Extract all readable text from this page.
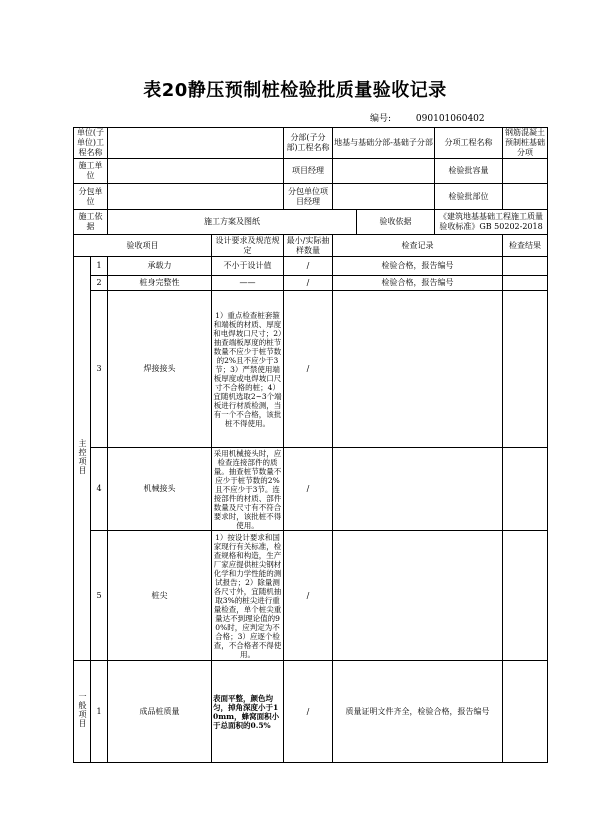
表20静压预制桩检验批质量验收记录
编号:	090101060402
单位(子单位)工程名称				分部(子分部)工程名称	地基与基础分部-基础子分部		分项工程名称	钢筋混凝土预制桩基础分项
施工单位				项目经理			检验批容量	
分包单位				分包单位项目经理			检验批部位	
施工依据		施工方案及图纸				验收依据	《建筑地基基础工程施工质量验收标准》GB 50202-2018	
验收项目			设计要求及规范规定	最小/实际抽样数量	检查记录			检查结果
主控项目	1	承载力	不小于设计值	/	检验合格，报告编号			
	2	桩身完整性	——	/	检验合格，报告编号			
	3	焊接接头	1）重点检查桩套箍和端板的材质、厚度和电焊坡口尺寸；2）抽查端板厚度的桩节数量不应少于桩节数的2%且不应少于3节；3）严禁使用端板厚度或电焊坡口尺寸不合格的桩；4）宜随机选取2~3个端板进行材质检测，当有一个不合格，该批桩不得使用。	/				
	4	机械接头	采用机械接头时，应检查连接部件的质量。抽查桩节数量不应少于桩节数的2%且不应少于3节。连接部件的材质、部件数量及尺寸有不符合要求时，该批桩不得使用。	/				
	5	桩尖	1）按设计要求和国家现行有关标准，检查规格和构造，生产厂家应提供桩尖钢材化学和力学性能的测试报告；2）除量测各尺寸外，宜随机抽取3%的桩尖进行重量检查，单个桩尖重量达不到理论值的90%时，应判定为不合格；3）应逐个检查，不合格者不得使用。	/				
一般项目	1	成品桩质量	表面平整，颜色均匀，掉角深度小于10mm，蜂窝面积小于总面积的0.5%	/	质量证明文件齐全，检验合格，报告编号			
